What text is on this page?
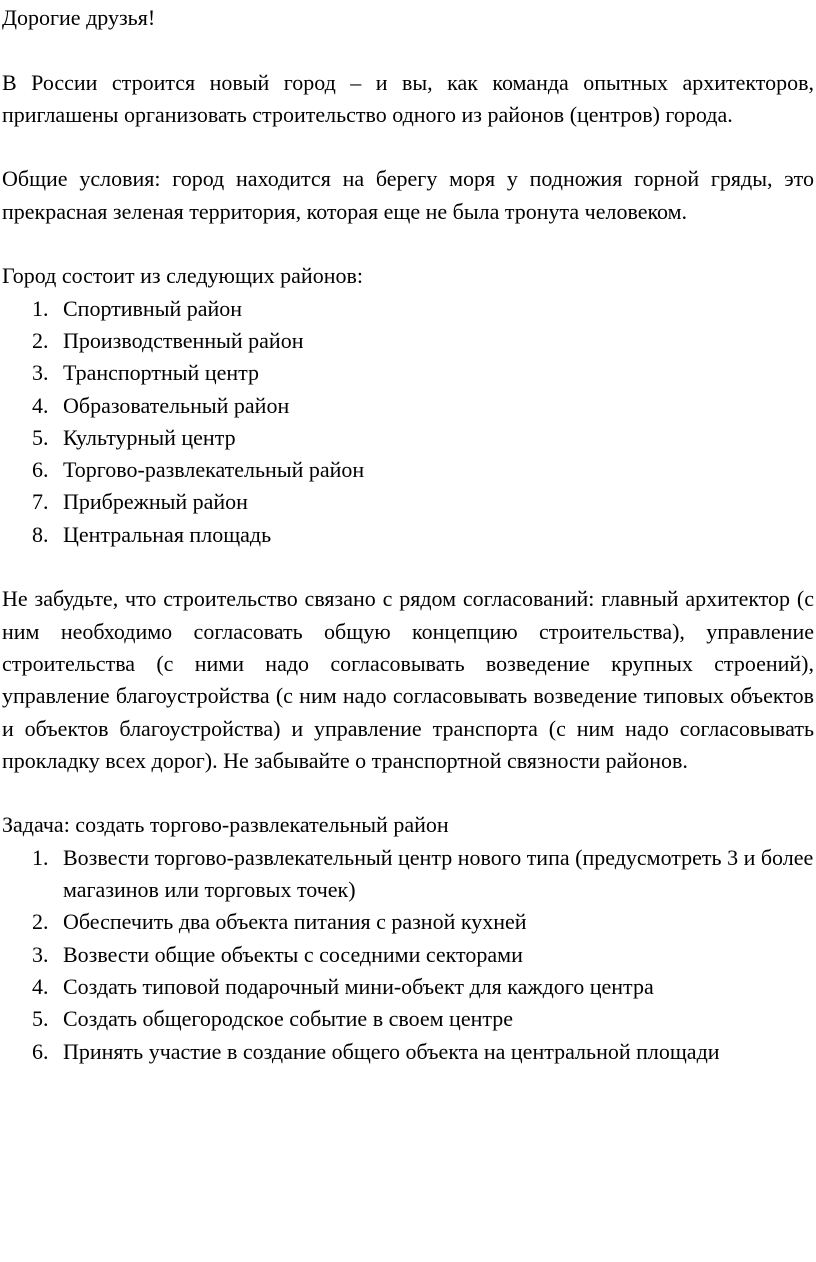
Дорогие друзья!

В России строится новый город – и вы, как команда опытных архитекторов, приглашены организовать строительство одного из районов (центров) города.

Общие условия: город находится на берегу моря у подножия горной гряды, это прекрасная зеленая территория, которая еще не была тронута человеком.

Город состоит из следующих районов:

1. Спортивный район
2. Производственный район
3. Транспортный центр
4. Образовательный район
5. Культурный центр
6. Торгово-развлекательный район
7. Прибрежный район
8. Центральная площадь

Не забудьте, что строительство связано с рядом согласований: главный архитектор (с ним необходимо согласовать общую концепцию строительства), управление строительства (с ними надо согласовывать возведение крупных строений), управление благоустройства (с ним надо согласовывать возведение типовых объектов и объектов благоустройства) и управление транспорта (с ним надо согласовывать прокладку всех дорог). Не забывайте о транспортной связности районов.

Задача: создать торгово-развлекательный район

1. Возвести торгово-развлекательный центр нового типа (предусмотреть 3 и более магазинов или торговых точек)
2. Обеспечить два объекта питания с разной кухней
3. Возвести общие объекты с соседними секторами
4. Создать типовой подарочный мини-объект для каждого центра
5. Создать общегородское событие в своем центре
6. Принять участие в создание общего объекта на центральной площади
